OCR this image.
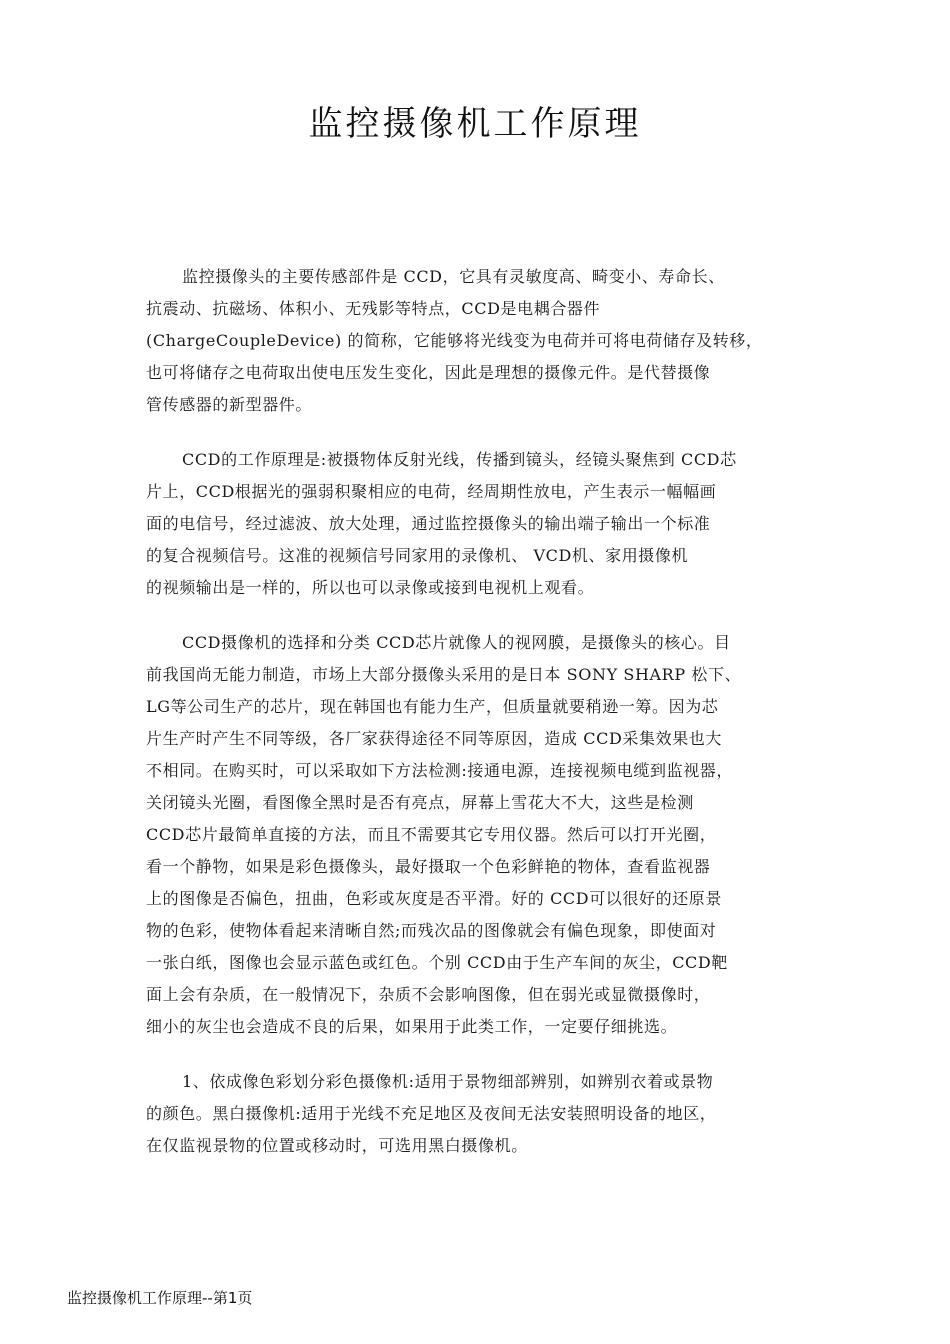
监控摄像机工作原理

监控摄像头的主要传感部件是 CCD，它具有灵敏度高、畸变小、寿命长、
抗震动、抗磁场、体积小、无残影等特点，CCD是电耦合器件
(ChargeCoupleDevice) 的简称，它能够将光线变为电荷并可将电荷储存及转移，
也可将储存之电荷取出使电压发生变化，因此是理想的摄像元件。是代替摄像
管传感器的新型器件。

CCD的工作原理是:被摄物体反射光线，传播到镜头，经镜头聚焦到 CCD芯
片上，CCD根据光的强弱积聚相应的电荷，经周期性放电，产生表示一幅幅画
面的电信号，经过滤波、放大处理，通过监控摄像头的输出端子输出一个标准
的复合视频信号。这准的视频信号同家用的录像机、 VCD机、家用摄像机
的视频输出是一样的，所以也可以录像或接到电视机上观看。

CCD摄像机的选择和分类 CCD芯片就像人的视网膜，是摄像头的核心。目
前我国尚无能力制造，市场上大部分摄像头采用的是日本 SONY SHARP 松下、
LG等公司生产的芯片，现在韩国也有能力生产，但质量就要稍逊一筹。因为芯
片生产时产生不同等级，各厂家获得途径不同等原因，造成 CCD采集效果也大
不相同。在购买时，可以采取如下方法检测:接通电源，连接视频电缆到监视器，
关闭镜头光圈，看图像全黑时是否有亮点，屏幕上雪花大不大，这些是检测
CCD芯片最简单直接的方法，而且不需要其它专用仪器。然后可以打开光圈，
看一个静物，如果是彩色摄像头，最好摄取一个色彩鲜艳的物体，查看监视器
上的图像是否偏色，扭曲，色彩或灰度是否平滑。好的 CCD可以很好的还原景
物的色彩，使物体看起来清晰自然;而残次品的图像就会有偏色现象，即使面对
一张白纸，图像也会显示蓝色或红色。个别 CCD由于生产车间的灰尘，CCD靶
面上会有杂质，在一般情况下，杂质不会影响图像，但在弱光或显微摄像时，
细小的灰尘也会造成不良的后果，如果用于此类工作，一定要仔细挑选。

1、依成像色彩划分彩色摄像机:适用于景物细部辨别，如辨别衣着或景物
的颜色。黑白摄像机:适用于光线不充足地区及夜间无法安装照明设备的地区，
在仅监视景物的位置或移动时，可选用黑白摄像机。

监控摄像机工作原理--第1页
